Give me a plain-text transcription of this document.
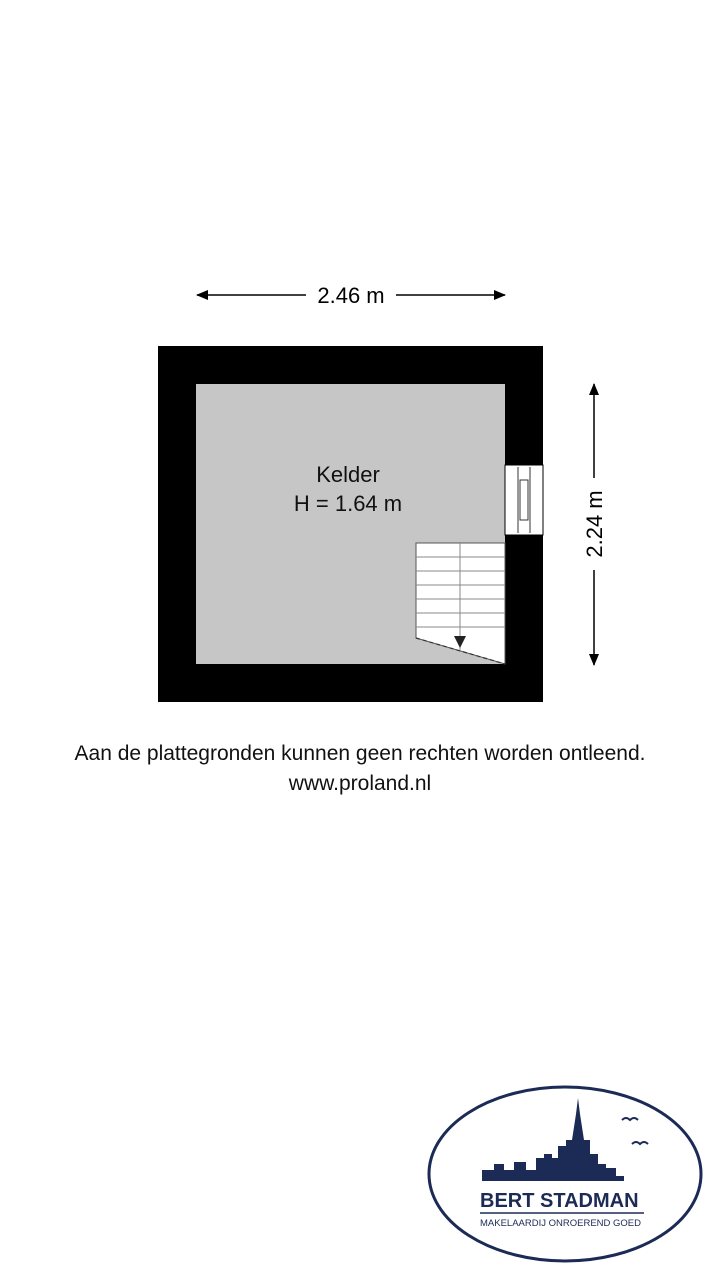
2.46 m
2.24 m
Kelder
H = 1.64 m
Aan de plattegronden kunnen geen rechten worden ontleend.
www.proland.nl
BERT STADMAN
MAKELAARDIJ ONROEREND GOED
